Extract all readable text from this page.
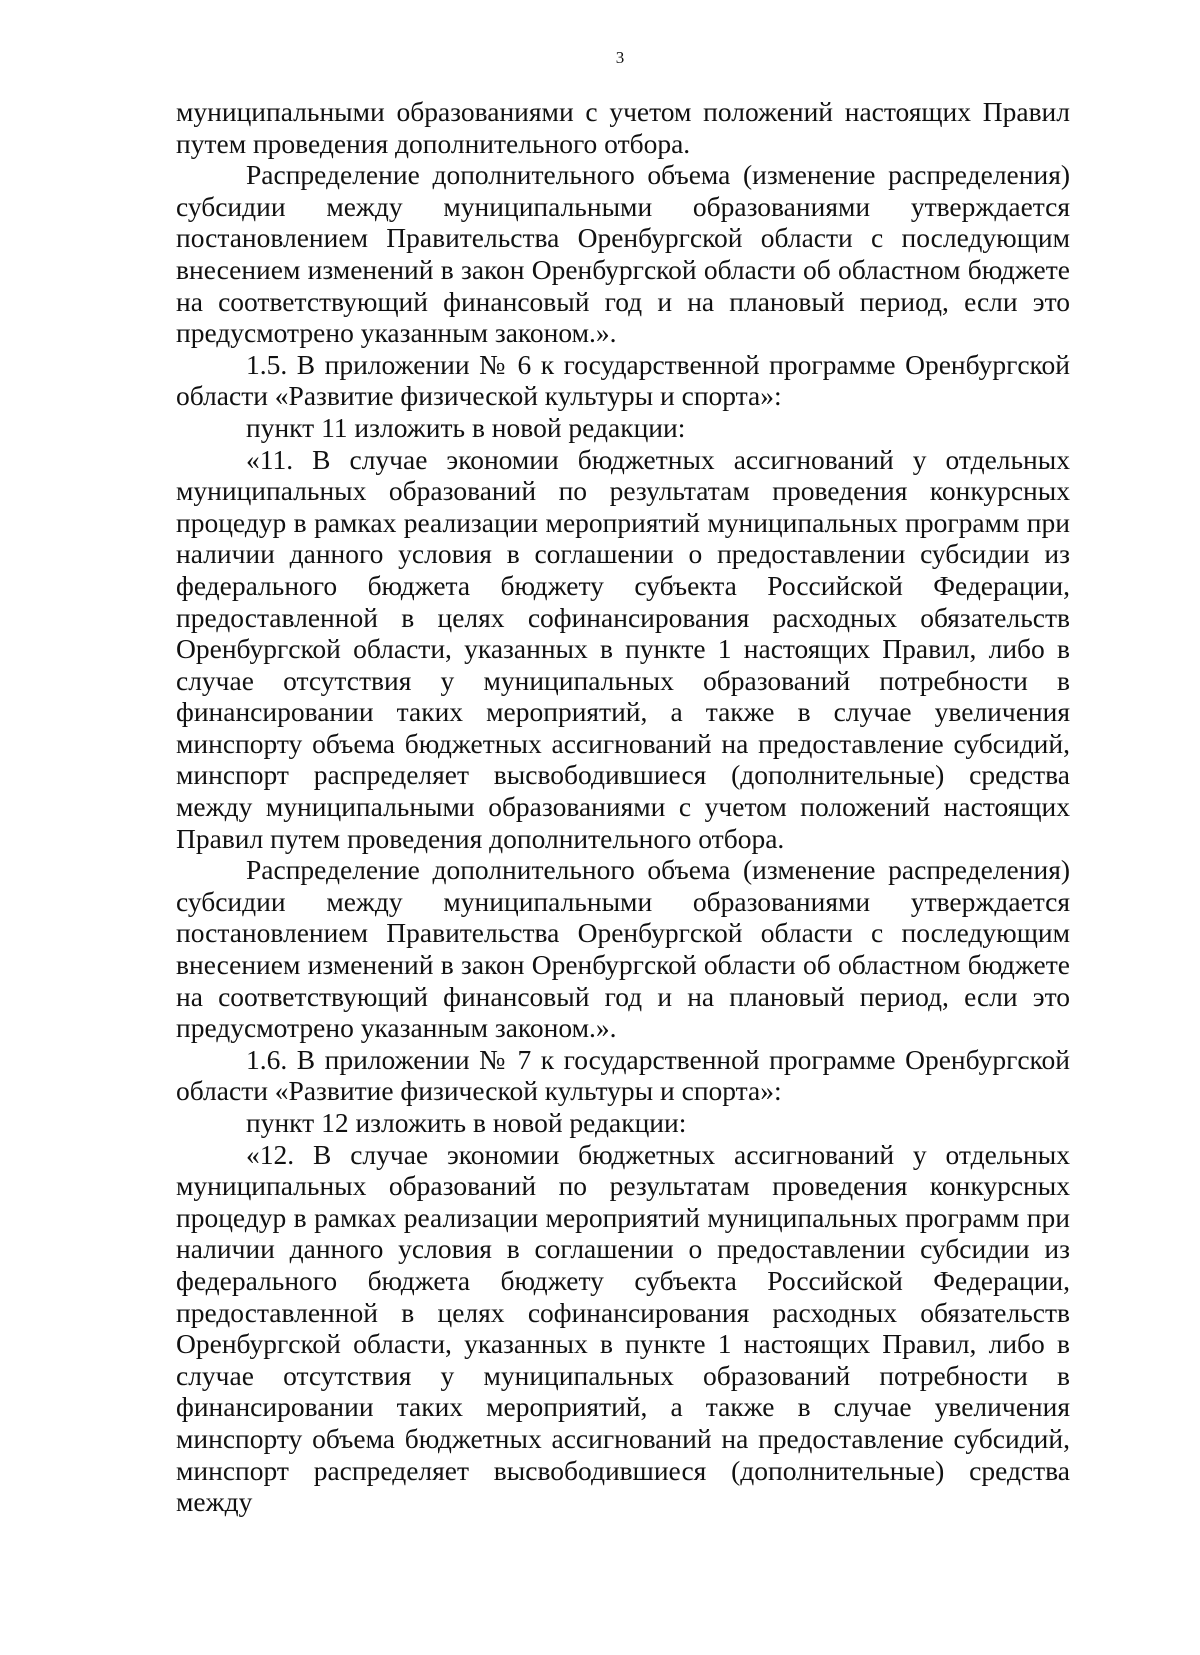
3

муниципальными образованиями с учетом положений настоящих Правил путем проведения дополнительного отбора.

Распределение дополнительного объема (изменение распределения) субсидии между муниципальными образованиями утверждается постановлением Правительства Оренбургской области с последующим внесением изменений в закон Оренбургской области об областном бюджете на соответствующий финансовый год и на плановый период, если это предусмотрено указанным законом.».

1.5. В приложении № 6 к государственной программе Оренбургской области «Развитие физической культуры и спорта»:

пункт 11 изложить в новой редакции:

«11. В случае экономии бюджетных ассигнований у отдельных муниципальных образований по результатам проведения конкурсных процедур в рамках реализации мероприятий муниципальных программ при наличии данного условия в соглашении о предоставлении субсидии из федерального бюджета бюджету субъекта Российской Федерации, предоставленной в целях софинансирования расходных обязательств Оренбургской области, указанных в пункте 1 настоящих Правил, либо в случае отсутствия у муниципальных образований потребности в финансировании таких мероприятий, а также в случае увеличения минспорту объема бюджетных ассигнований на предоставление субсидий, минспорт распределяет высвободившиеся (дополнительные) средства между муниципальными образованиями с учетом положений настоящих Правил путем проведения дополнительного отбора.

Распределение дополнительного объема (изменение распределения) субсидии между муниципальными образованиями утверждается постановлением Правительства Оренбургской области с последующим внесением изменений в закон Оренбургской области об областном бюджете на соответствующий финансовый год и на плановый период, если это предусмотрено указанным законом.».

1.6. В приложении № 7 к государственной программе Оренбургской области «Развитие физической культуры и спорта»:

пункт 12 изложить в новой редакции:

«12. В случае экономии бюджетных ассигнований у отдельных муниципальных образований по результатам проведения конкурсных процедур в рамках реализации мероприятий муниципальных программ при наличии данного условия в соглашении о предоставлении субсидии из федерального бюджета бюджету субъекта Российской Федерации, предоставленной в целях софинансирования расходных обязательств Оренбургской области, указанных в пункте 1 настоящих Правил, либо в случае отсутствия у муниципальных образований потребности в финансировании таких мероприятий, а также в случае увеличения минспорту объема бюджетных ассигнований на предоставление субсидий, минспорт распределяет высвободившиеся (дополнительные) средства между
